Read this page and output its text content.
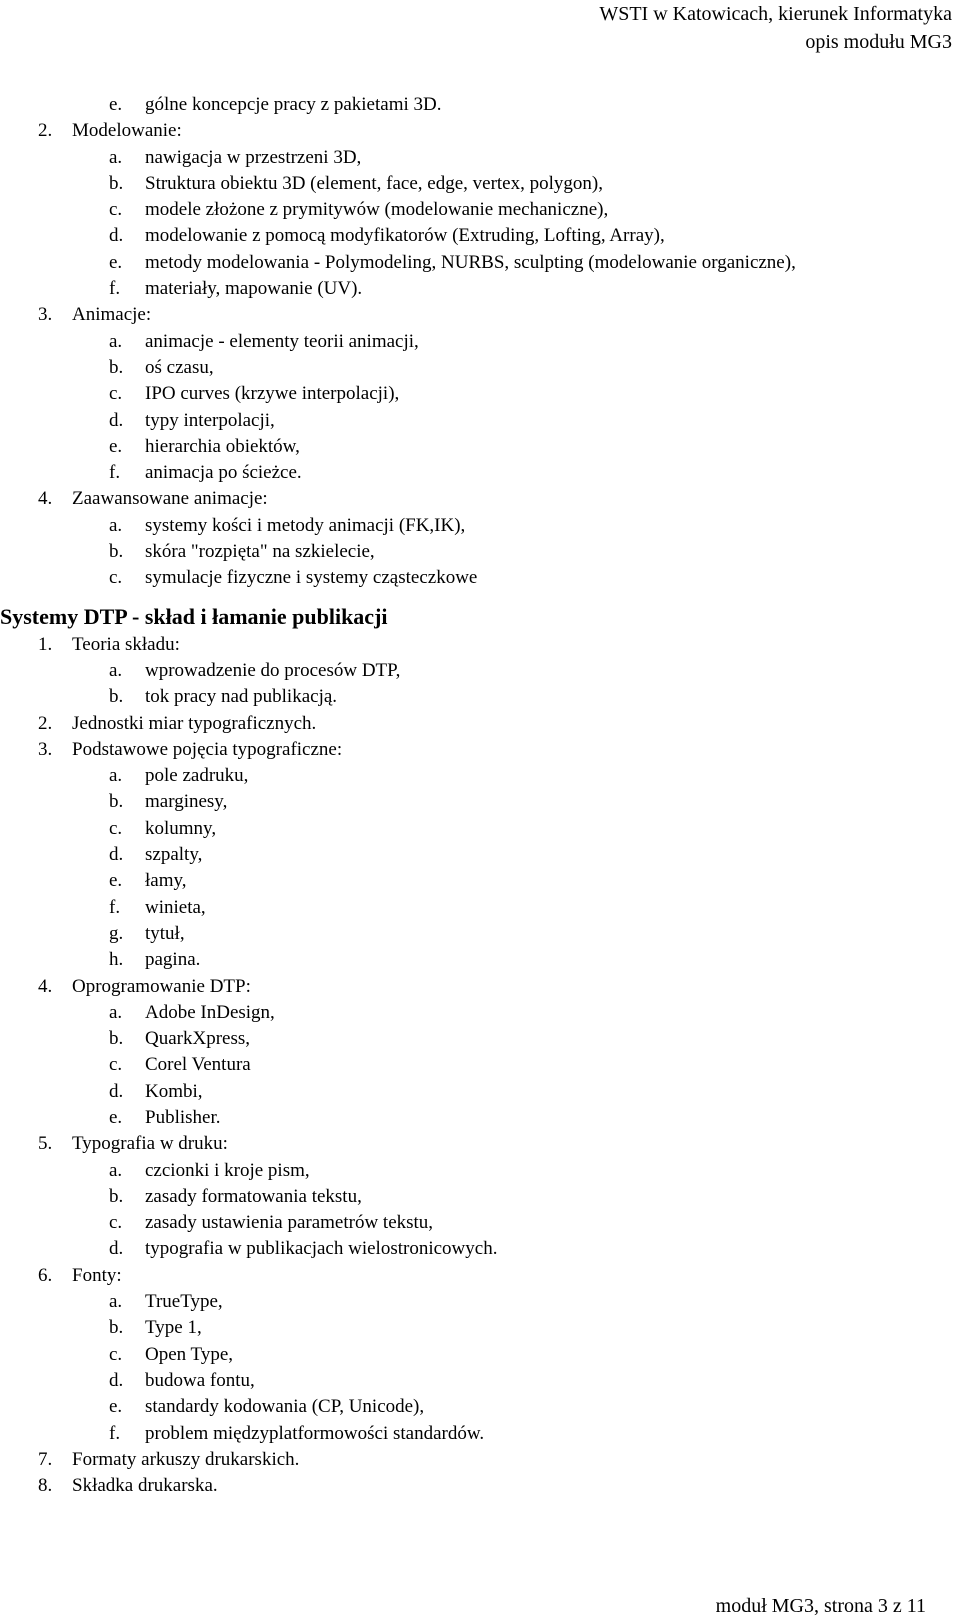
WSTI w Katowicach, kierunek Informatyka
opis modułu MG3
e. gólne koncepcje pracy z pakietami 3D.
2. Modelowanie:
a. nawigacja w przestrzeni 3D,
b. Struktura obiektu 3D (element, face, edge, vertex, polygon),
c. modele złożone z prymitywów (modelowanie mechaniczne),
d. modelowanie z pomocą modyfikatorów (Extruding, Lofting, Array),
e. metody modelowania - Polymodeling, NURBS, sculpting (modelowanie organiczne),
f. materiały, mapowanie (UV).
3. Animacje:
a. animacje - elementy teorii animacji,
b. oś czasu,
c. IPO curves (krzywe interpolacji),
d. typy interpolacji,
e. hierarchia obiektów,
f. animacja po ścieżce.
4. Zaawansowane animacje:
a. systemy kości i metody animacji (FK,IK),
b. skóra "rozpięta" na szkielecie,
c. symulacje fizyczne i systemy cząsteczkowe
Systemy DTP - skład i łamanie publikacji
1. Teoria składu:
a. wprowadzenie do procesów DTP,
b. tok pracy nad publikacją.
2. Jednostki miar typograficznych.
3. Podstawowe pojęcia typograficzne:
a. pole zadruku,
b. marginesy,
c. kolumny,
d. szpalty,
e. łamy,
f. winieta,
g. tytuł,
h. pagina.
4. Oprogramowanie DTP:
a. Adobe InDesign,
b. QuarkXpress,
c. Corel Ventura
d. Kombi,
e. Publisher.
5. Typografia w druku:
a. czcionki i kroje pism,
b. zasady formatowania tekstu,
c. zasady ustawienia parametrów tekstu,
d. typografia w publikacjach wielostronicowych.
6. Fonty:
a. TrueType,
b. Type 1,
c. Open Type,
d. budowa fontu,
e. standardy kodowania (CP, Unicode),
f. problem międzyplatformowości standardów.
7. Formaty arkuszy drukarskich.
8. Składka drukarska.
moduł MG3, strona 3 z 11
